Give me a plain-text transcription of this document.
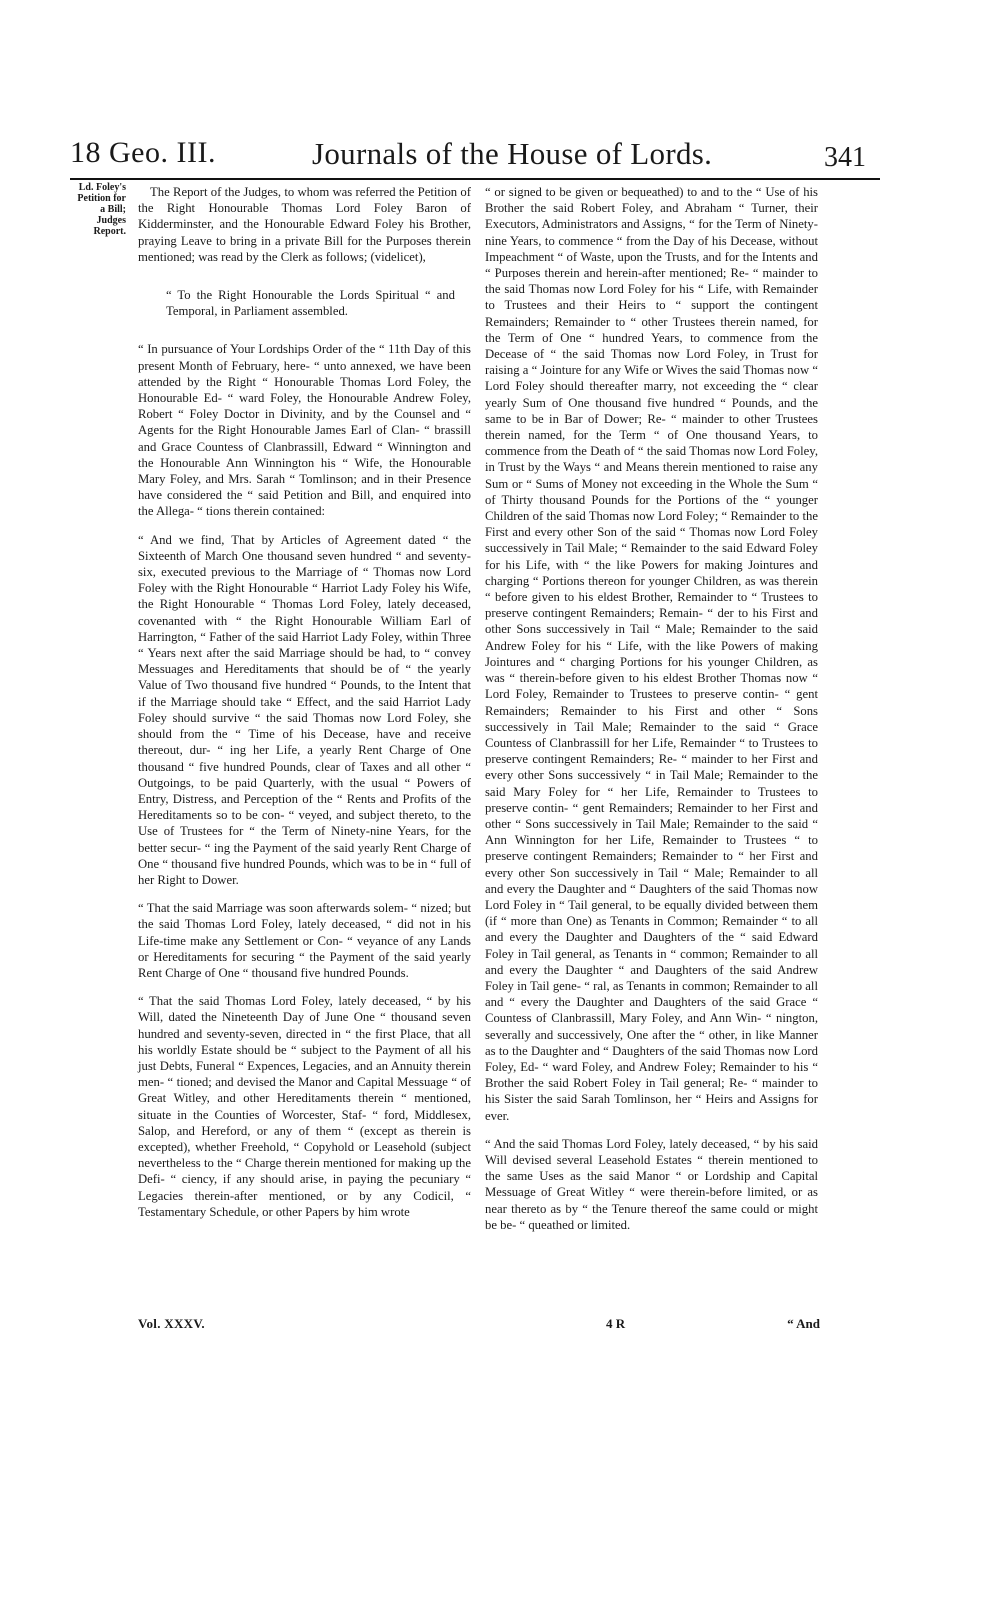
18 Geo. III.	Journals of the House of Lords.	341
Ld. Foley's Petition for a Bill; Judges Report.

The Report of the Judges, to whom was referred the Petition of the Right Honourable Thomas Lord Foley Baron of Kidderminster, and the Honourable Edward Foley his Brother, praying Leave to bring in a private Bill for the Purposes therein mentioned; was read by the Clerk as follows; (videlicet),

“ To the Right Honourable the Lords Spiritual “ and Temporal, in Parliament assembled.

“ In pursuance of Your Lordships Order of the “ 11th Day of this present Month of February, here- “ unto annexed, we have been attended by the Right “ Honourable Thomas Lord Foley, the Honourable Ed- “ ward Foley, the Honourable Andrew Foley, Robert “ Foley Doctor in Divinity, and by the Counsel and “ Agents for the Right Honourable James Earl of Clan- “ brassill and Grace Countess of Clanbrassill, Edward “ Winnington and the Honourable Ann Winnington his “ Wife, the Honourable Mary Foley, and Mrs. Sarah “ Tomlinson; and in their Presence have considered the “ said Petition and Bill, and enquired into the Allega- “ tions therein contained:

“ And we find, That by Articles of Agreement dated “ the Sixteenth of March One thousand seven hundred “ and seventy-six, executed previous to the Marriage of “ Thomas now Lord Foley with the Right Honourable “ Harriot Lady Foley his Wife, the Right Honourable “ Thomas Lord Foley, lately deceased, covenanted with “ the Right Honourable William Earl of Harrington, “ Father of the said Harriot Lady Foley, within Three “ Years next after the said Marriage should be had, to “ convey Messuages and Hereditaments that should be of “ the yearly Value of Two thousand five hundred “ Pounds, to the Intent that if the Marriage should take “ Effect, and the said Harriot Lady Foley should survive “ the said Thomas now Lord Foley, she should from the “ Time of his Decease, have and receive thereout, dur- “ ing her Life, a yearly Rent Charge of One thousand “ five hundred Pounds, clear of Taxes and all other “ Outgoings, to be paid Quarterly, with the usual “ Powers of Entry, Distress, and Perception of the “ Rents and Profits of the Hereditaments so to be con- “ veyed, and subject thereto, to the Use of Trustees for “ the Term of Ninety-nine Years, for the better secur- “ ing the Payment of the said yearly Rent Charge of One “ thousand five hundred Pounds, which was to be in “ full of her Right to Dower.

“ That the said Marriage was soon afterwards solem- “ nized; but the said Thomas Lord Foley, lately deceased, “ did not in his Life-time make any Settlement or Con- “ veyance of any Lands or Hereditaments for securing “ the Payment of the said yearly Rent Charge of One “ thousand five hundred Pounds.

“ That the said Thomas Lord Foley, lately deceased, “ by his Will, dated the Nineteenth Day of June One “ thousand seven hundred and seventy-seven, directed in “ the first Place, that all his worldly Estate should be “ subject to the Payment of all his just Debts, Funeral “ Expences, Legacies, and an Annuity therein men- “ tioned; and devised the Manor and Capital Messuage “ of Great Witley, and other Hereditaments therein “ mentioned, situate in the Counties of Worcester, Staf- “ ford, Middlesex, Salop, and Hereford, or any of them “ (except as therein is excepted), whether Freehold, “ Copyhold or Leasehold (subject nevertheless to the “ Charge therein mentioned for making up the Defi- “ ciency, if any should arise, in paying the pecuniary “ Legacies therein-after mentioned, or by any Codicil, “ Testamentary Schedule, or other Papers by him wrote

“ or signed to be given or bequeathed) to and to the “ Use of his Brother the said Robert Foley, and Abraham “ Turner, their Executors, Administrators and Assigns, “ for the Term of Ninety-nine Years, to commence “ from the Day of his Decease, without Impeachment “ of Waste, upon the Trusts, and for the Intents and “ Purposes therein and herein-after mentioned; Re- “ mainder to the said Thomas now Lord Foley for his “ Life, with Remainder to Trustees and their Heirs to “ support the contingent Remainders; Remainder to “ other Trustees therein named, for the Term of One “ hundred Years, to commence from the Decease of “ the said Thomas now Lord Foley, in Trust for raising a “ Jointure for any Wife or Wives the said Thomas now “ Lord Foley should thereafter marry, not exceeding the “ clear yearly Sum of One thousand five hundred “ Pounds, and the same to be in Bar of Dower; Re- “ mainder to other Trustees therein named, for the Term “ of One thousand Years, to commence from the Death of “ the said Thomas now Lord Foley, in Trust by the Ways “ and Means therein mentioned to raise any Sum or “ Sums of Money not exceeding in the Whole the Sum “ of Thirty thousand Pounds for the Portions of the “ younger Children of the said Thomas now Lord Foley; “ Remainder to the First and every other Son of the said “ Thomas now Lord Foley successively in Tail Male; “ Remainder to the said Edward Foley for his Life, with “ the like Powers for making Jointures and charging “ Portions thereon for younger Children, as was therein “ before given to his eldest Brother, Remainder to “ Trustees to preserve contingent Remainders; Remain- “ der to his First and other Sons successively in Tail “ Male; Remainder to the said Andrew Foley for his “ Life, with the like Powers of making Jointures and “ charging Portions for his younger Children, as was “ therein-before given to his eldest Brother Thomas now “ Lord Foley, Remainder to Trustees to preserve contin- “ gent Remainders; Remainder to his First and other “ Sons successively in Tail Male; Remainder to the said “ Grace Countess of Clanbrassill for her Life, Remainder “ to Trustees to preserve contingent Remainders; Re- “ mainder to her First and every other Sons successively “ in Tail Male; Remainder to the said Mary Foley for “ her Life, Remainder to Trustees to preserve contin- “ gent Remainders; Remainder to her First and other “ Sons successively in Tail Male; Remainder to the said “ Ann Winnington for her Life, Remainder to Trustees “ to preserve contingent Remainders; Remainder to “ her First and every other Son successively in Tail “ Male; Remainder to all and every the Daughter and “ Daughters of the said Thomas now Lord Foley in “ Tail general, to be equally divided between them (if “ more than One) as Tenants in Common; Remainder “ to all and every the Daughter and Daughters of the “ said Edward Foley in Tail general, as Tenants in “ common; Remainder to all and every the Daughter “ and Daughters of the said Andrew Foley in Tail gene- “ ral, as Tenants in common; Remainder to all and “ every the Daughter and Daughters of the said Grace “ Countess of Clanbrassill, Mary Foley, and Ann Win- “ nington, severally and successively, One after the “ other, in like Manner as to the Daughter and “ Daughters of the said Thomas now Lord Foley, Ed- “ ward Foley, and Andrew Foley; Remainder to his “ Brother the said Robert Foley in Tail general; Re- “ mainder to his Sister the said Sarah Tomlinson, her “ Heirs and Assigns for ever.

“ And the said Thomas Lord Foley, lately deceased, “ by his said Will devised several Leasehold Estates “ therein mentioned to the same Uses as the said Manor “ or Lordship and Capital Messuage of Great Witley “ were therein-before limited, or as near thereto as by “ the Tenure thereof the same could or might be be- “ queathed or limited.

Vol. XXXV.	4 R	“ And
